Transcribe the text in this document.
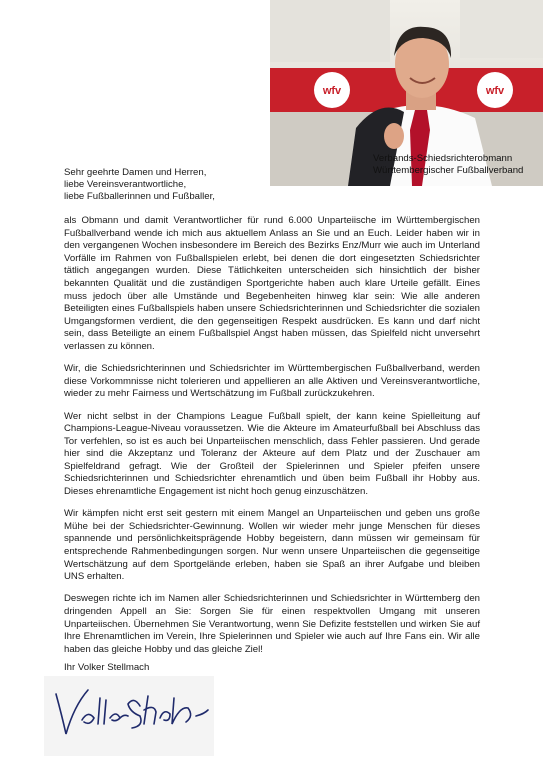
wfv	wfv
Verbands-Schiedsrichterobmann
Württembergischer Fußballverband
Sehr geehrte Damen und Herren,
liebe Vereinsverantwortliche,
liebe Fußballerinnen und Fußballer,

als Obmann und damit Verantwortlicher für rund 6.000 Unparteiische im Württembergischen Fußballverband wende ich mich aus aktuellem Anlass an Sie und an Euch. Leider haben wir in den vergangenen Wochen insbesondere im Bereich des Bezirks Enz/Murr wie auch im Unterland Vorfälle im Rahmen von Fußballspielen erlebt, bei denen die dort eingesetzten Schiedsrichter tätlich angegangen wurden. Diese Tätlichkeiten unterscheiden sich hinsichtlich der bisher bekannten Qualität und die zuständigen Sportgerichte haben auch klare Urteile gefällt. Eines muss jedoch über alle Umstände und Begebenheiten hinweg klar sein: Wie alle anderen Beteiligten eines Fußballspiels haben unsere Schiedsrichterinnen und Schiedsrichter die sozialen Umgangsformen verdient, die den gegenseitigen Respekt ausdrücken. Es kann und darf nicht sein, dass Beteiligte an einem Fußballspiel Angst haben müssen, das Spielfeld nicht unversehrt verlassen zu können.

Wir, die Schiedsrichterinnen und Schiedsrichter im Württembergischen Fußballverband, werden diese Vorkommnisse nicht tolerieren und appellieren an alle Aktiven und Vereinsverantwortliche, wieder zu mehr Fairness und Wertschätzung im Fußball zurückzukehren.

Wer nicht selbst in der Champions League Fußball spielt, der kann keine Spielleitung auf Champions-League-Niveau voraussetzen. Wie die Akteure im Amateurfußball bei Abschluss das Tor verfehlen, so ist es auch bei Unparteiischen menschlich, dass Fehler passieren. Und gerade hier sind die Akzeptanz und Toleranz der Akteure auf dem Platz und der Zuschauer am Spielfeldrand gefragt. Wie der Großteil der Spielerinnen und Spieler pfeifen unsere Schiedsrichterinnen und Schiedsrichter ehrenamtlich und üben beim Fußball ihr Hobby aus. Dieses ehrenamtliche Engagement ist nicht hoch genug einzuschätzen.

Wir kämpfen nicht erst seit gestern mit einem Mangel an Unparteiischen und geben uns große Mühe bei der Schiedsrichter-Gewinnung. Wollen wir wieder mehr junge Menschen für dieses spannende und persönlichkeitsprägende Hobby begeistern, dann müssen wir gemeinsam für entsprechende Rahmenbedingungen sorgen. Nur wenn unsere Unparteiischen die gegenseitige Wertschätzung auf dem Sportgelände erleben, haben sie Spaß an ihrer Aufgabe und bleiben UNS erhalten.

Deswegen richte ich im Namen aller Schiedsrichterinnen und Schiedsrichter in Württemberg den dringenden Appell an Sie: Sorgen Sie für einen respektvollen Umgang mit unseren Unparteiischen. Übernehmen Sie Verantwortung, wenn Sie Defizite feststellen und wirken Sie auf Ihre Ehrenamtlichen im Verein, Ihre Spielerinnen und Spieler wie auch auf Ihre Fans ein. Wir alle haben das gleiche Hobby und das gleiche Ziel!

Ihr Volker Stellmach
